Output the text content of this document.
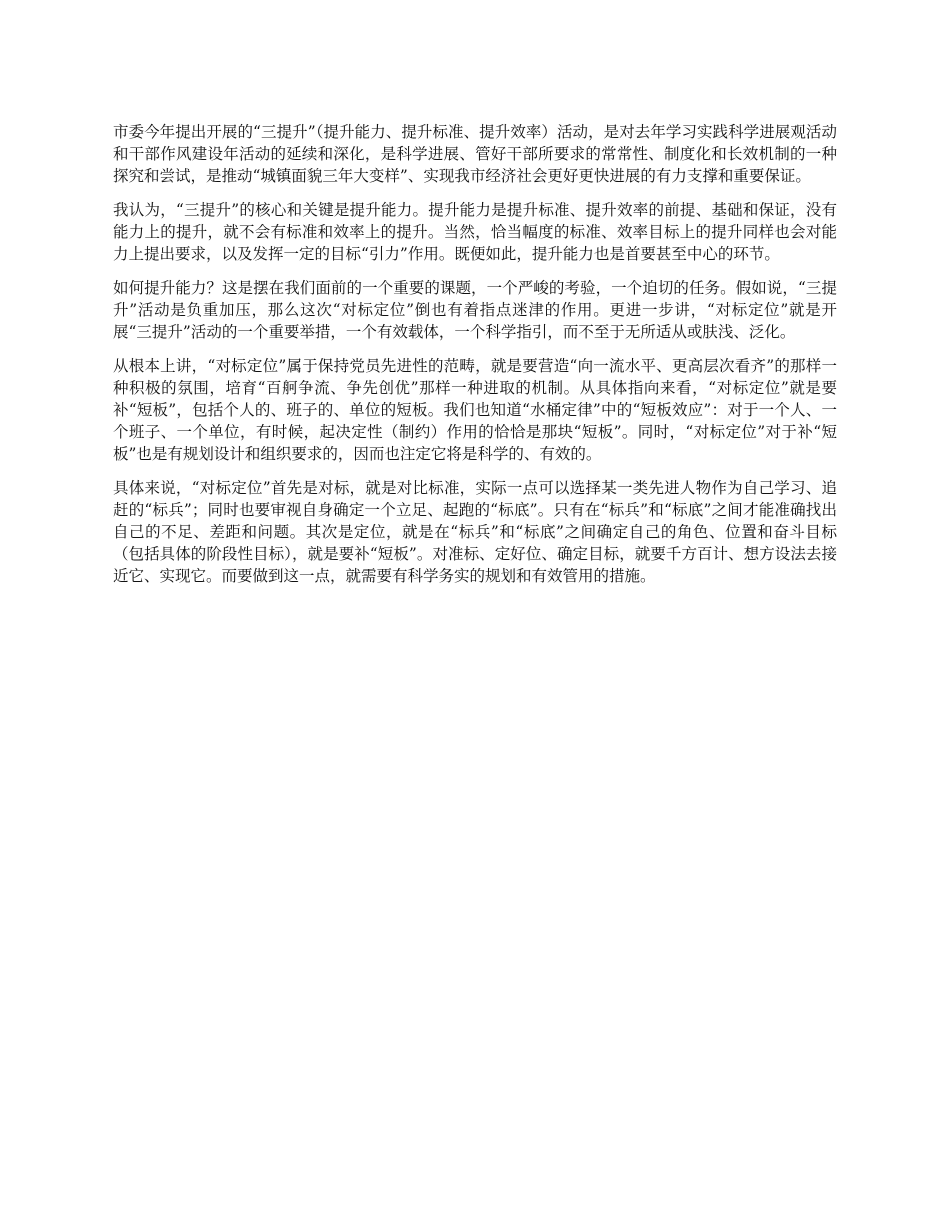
市委今年提出开展的“三提升”（提升能力、提升标准、提升效率）活动，是对去年学习实践科学进展观活动和干部作风建设年活动的延续和深化，是科学进展、管好干部所要求的常常性、制度化和长效机制的一种探究和尝试，是推动“城镇面貌三年大变样”、实现我市经济社会更好更快进展的有力支撑和重要保证。

我认为，“三提升”的核心和关键是提升能力。提升能力是提升标准、提升效率的前提、基础和保证，没有能力上的提升，就不会有标准和效率上的提升。当然，恰当幅度的标准、效率目标上的提升同样也会对能力上提出要求，以及发挥一定的目标“引力”作用。既便如此，提升能力也是首要甚至中心的环节。

如何提升能力？这是摆在我们面前的一个重要的课题，一个严峻的考验，一个迫切的任务。假如说，“三提升”活动是负重加压，那么这次“对标定位”倒也有着指点迷津的作用。更进一步讲，“对标定位”就是开展“三提升”活动的一个重要举措，一个有效载体，一个科学指引，而不至于无所适从或肤浅、泛化。

从根本上讲，“对标定位”属于保持党员先进性的范畴，就是要营造“向一流水平、更高层次看齐”的那样一种积极的氛围，培育“百舸争流、争先创优”那样一种进取的机制。从具体指向来看，“对标定位”就是要补“短板”，包括个人的、班子的、单位的短板。我们也知道“水桶定律”中的“短板效应”：对于一个人、一个班子、一个单位，有时候，起决定性（制约）作用的恰恰是那块“短板”。同时，“对标定位”对于补“短板”也是有规划设计和组织要求的，因而也注定它将是科学的、有效的。

具体来说，“对标定位”首先是对标，就是对比标准，实际一点可以选择某一类先进人物作为自己学习、追赶的“标兵”；同时也要审视自身确定一个立足、起跑的“标底”。只有在“标兵”和“标底”之间才能准确找出自己的不足、差距和问题。其次是定位，就是在“标兵”和“标底”之间确定自己的角色、位置和奋斗目标（包括具体的阶段性目标），就是要补“短板”。对准标、定好位、确定目标，就要千方百计、想方设法去接近它、实现它。而要做到这一点，就需要有科学务实的规划和有效管用的措施。
